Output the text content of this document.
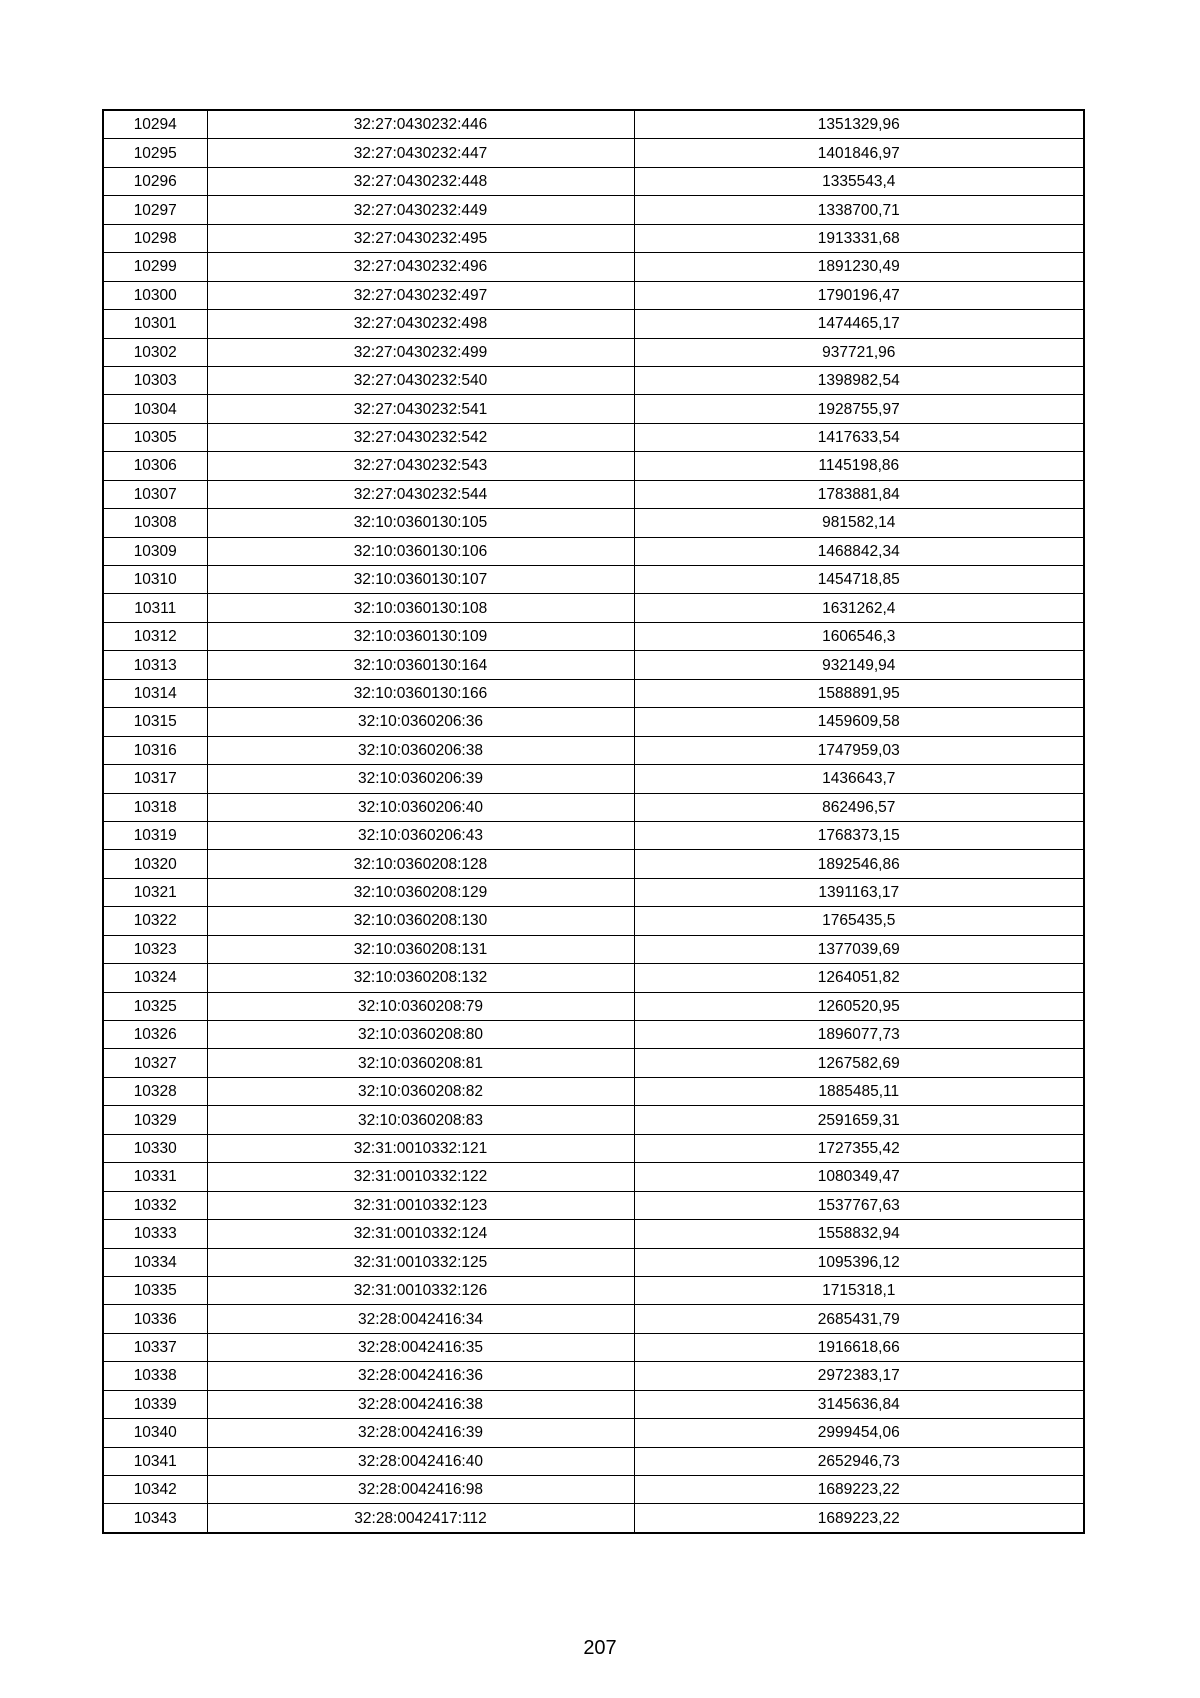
10294	32:27:0430232:446	1351329,96
10295	32:27:0430232:447	1401846,97
10296	32:27:0430232:448	1335543,4
10297	32:27:0430232:449	1338700,71
10298	32:27:0430232:495	1913331,68
10299	32:27:0430232:496	1891230,49
10300	32:27:0430232:497	1790196,47
10301	32:27:0430232:498	1474465,17
10302	32:27:0430232:499	937721,96
10303	32:27:0430232:540	1398982,54
10304	32:27:0430232:541	1928755,97
10305	32:27:0430232:542	1417633,54
10306	32:27:0430232:543	1145198,86
10307	32:27:0430232:544	1783881,84
10308	32:10:0360130:105	981582,14
10309	32:10:0360130:106	1468842,34
10310	32:10:0360130:107	1454718,85
10311	32:10:0360130:108	1631262,4
10312	32:10:0360130:109	1606546,3
10313	32:10:0360130:164	932149,94
10314	32:10:0360130:166	1588891,95
10315	32:10:0360206:36	1459609,58
10316	32:10:0360206:38	1747959,03
10317	32:10:0360206:39	1436643,7
10318	32:10:0360206:40	862496,57
10319	32:10:0360206:43	1768373,15
10320	32:10:0360208:128	1892546,86
10321	32:10:0360208:129	1391163,17
10322	32:10:0360208:130	1765435,5
10323	32:10:0360208:131	1377039,69
10324	32:10:0360208:132	1264051,82
10325	32:10:0360208:79	1260520,95
10326	32:10:0360208:80	1896077,73
10327	32:10:0360208:81	1267582,69
10328	32:10:0360208:82	1885485,11
10329	32:10:0360208:83	2591659,31
10330	32:31:0010332:121	1727355,42
10331	32:31:0010332:122	1080349,47
10332	32:31:0010332:123	1537767,63
10333	32:31:0010332:124	1558832,94
10334	32:31:0010332:125	1095396,12
10335	32:31:0010332:126	1715318,1
10336	32:28:0042416:34	2685431,79
10337	32:28:0042416:35	1916618,66
10338	32:28:0042416:36	2972383,17
10339	32:28:0042416:38	3145636,84
10340	32:28:0042416:39	2999454,06
10341	32:28:0042416:40	2652946,73
10342	32:28:0042416:98	1689223,22
10343	32:28:0042417:112	1689223,22
207
